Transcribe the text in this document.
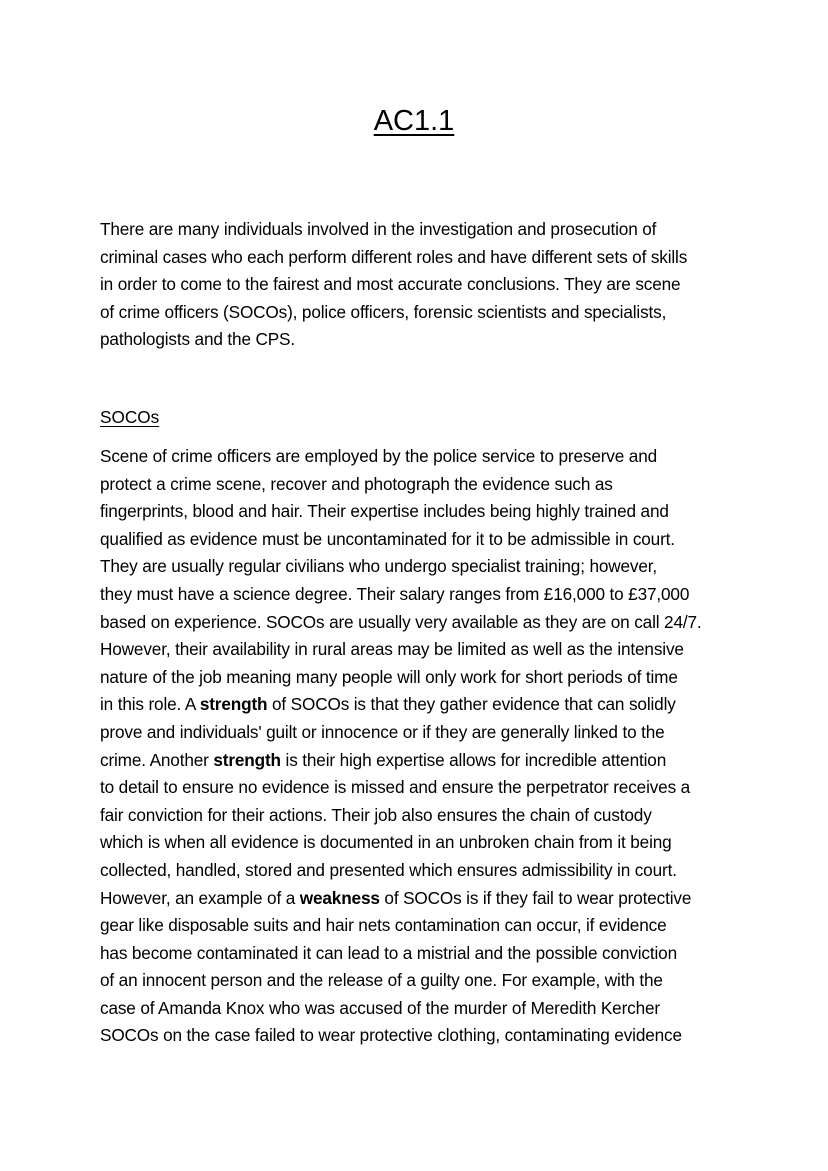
AC1.1

There are many individuals involved in the investigation and prosecution of
criminal cases who each perform different roles and have different sets of skills
in order to come to the fairest and most accurate conclusions. They are scene
of crime officers (SOCOs), police officers, forensic scientists and specialists,
pathologists and the CPS.

SOCOs

Scene of crime officers are employed by the police service to preserve and
protect a crime scene, recover and photograph the evidence such as
fingerprints, blood and hair. Their expertise includes being highly trained and
qualified as evidence must be uncontaminated for it to be admissible in court.
They are usually regular civilians who undergo specialist training; however,
they must have a science degree. Their salary ranges from £16,000 to £37,000
based on experience. SOCOs are usually very available as they are on call 24/7.
However, their availability in rural areas may be limited as well as the intensive
nature of the job meaning many people will only work for short periods of time
in this role. A strength of SOCOs is that they gather evidence that can solidly
prove and individuals' guilt or innocence or if they are generally linked to the
crime. Another strength is their high expertise allows for incredible attention
to detail to ensure no evidence is missed and ensure the perpetrator receives a
fair conviction for their actions. Their job also ensures the chain of custody
which is when all evidence is documented in an unbroken chain from it being
collected, handled, stored and presented which ensures admissibility in court.
However, an example of a weakness of SOCOs is if they fail to wear protective
gear like disposable suits and hair nets contamination can occur, if evidence
has become contaminated it can lead to a mistrial and the possible conviction
of an innocent person and the release of a guilty one. For example, with the
case of Amanda Knox who was accused of the murder of Meredith Kercher
SOCOs on the case failed to wear protective clothing, contaminating evidence
